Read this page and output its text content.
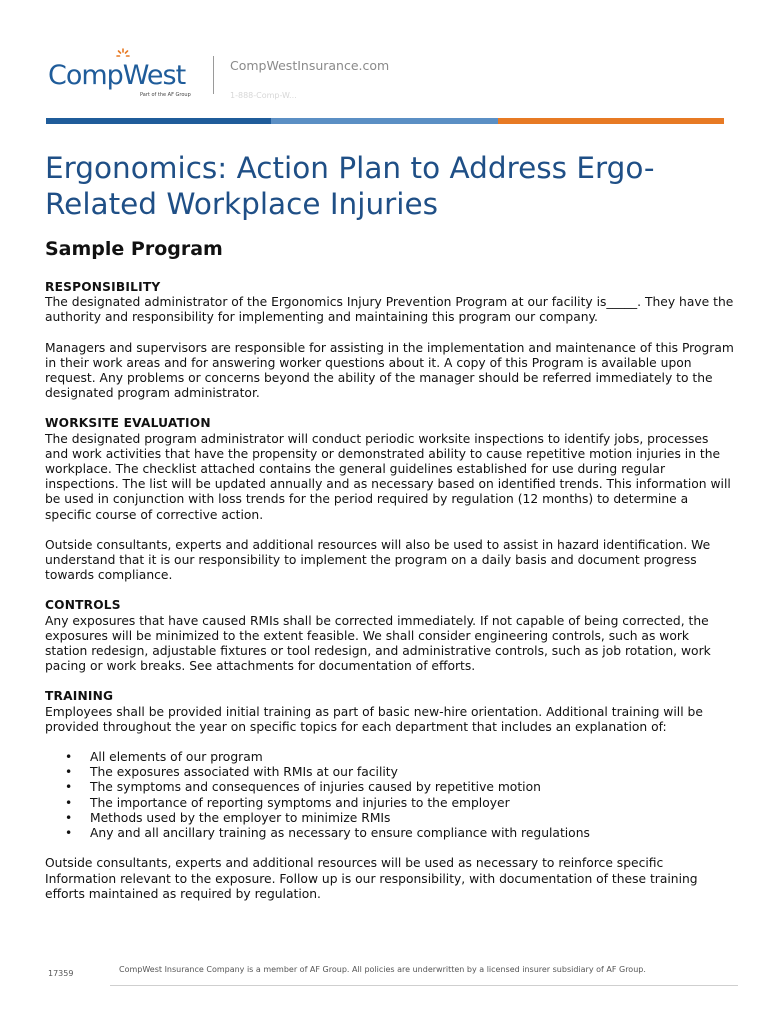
CompWest
Part of the AF Group
CompWestInsurance.com
1-888-Comp-W...
Ergonomics: Action Plan to Address Ergo-Related Workplace Injuries
Sample Program
RESPONSIBILITY

The designated administrator of the Ergonomics Injury Prevention Program at our facility is_____. They have the authority and responsibility for implementing and maintaining this program our company.

Managers and supervisors are responsible for assisting in the implementation and maintenance of this Program in their work areas and for answering worker questions about it. A copy of this Program is available upon request. Any problems or concerns beyond the ability of the manager should be referred immediately to the designated program administrator.

WORKSITE EVALUATION

The designated program administrator will conduct periodic worksite inspections to identify jobs, processes and work activities that have the propensity or demonstrated ability to cause repetitive motion injuries in the workplace. The checklist attached contains the general guidelines established for use during regular inspections. The list will be updated annually and as necessary based on identified trends. This information will be used in conjunction with loss trends for the period required by regulation (12 months) to determine a specific course of corrective action.

Outside consultants, experts and additional resources will also be used to assist in hazard identification. We understand that it is our responsibility to implement the program on a daily basis and document progress towards compliance.

CONTROLS

Any exposures that have caused RMIs shall be corrected immediately. If not capable of being corrected, the exposures will be minimized to the extent feasible. We shall consider engineering controls, such as work station redesign, adjustable fixtures or tool redesign, and administrative controls, such as job rotation, work pacing or work breaks. See attachments for documentation of efforts.

TRAINING

Employees shall be provided initial training as part of basic new-hire orientation. Additional training will be provided throughout the year on specific topics for each department that includes an explanation of:

• All elements of our program
• The exposures associated with RMIs at our facility
• The symptoms and consequences of injuries caused by repetitive motion
• The importance of reporting symptoms and injuries to the employer
• Methods used by the employer to minimize RMIs
• Any and all ancillary training as necessary to ensure compliance with regulations

Outside consultants, experts and additional resources will be used as necessary to reinforce specific Information relevant to the exposure. Follow up is our responsibility, with documentation of these training efforts maintained as required by regulation.

17359	CompWest Insurance Company is a member of AF Group. All policies are underwritten by a licensed insurer subsidiary of AF Group.
